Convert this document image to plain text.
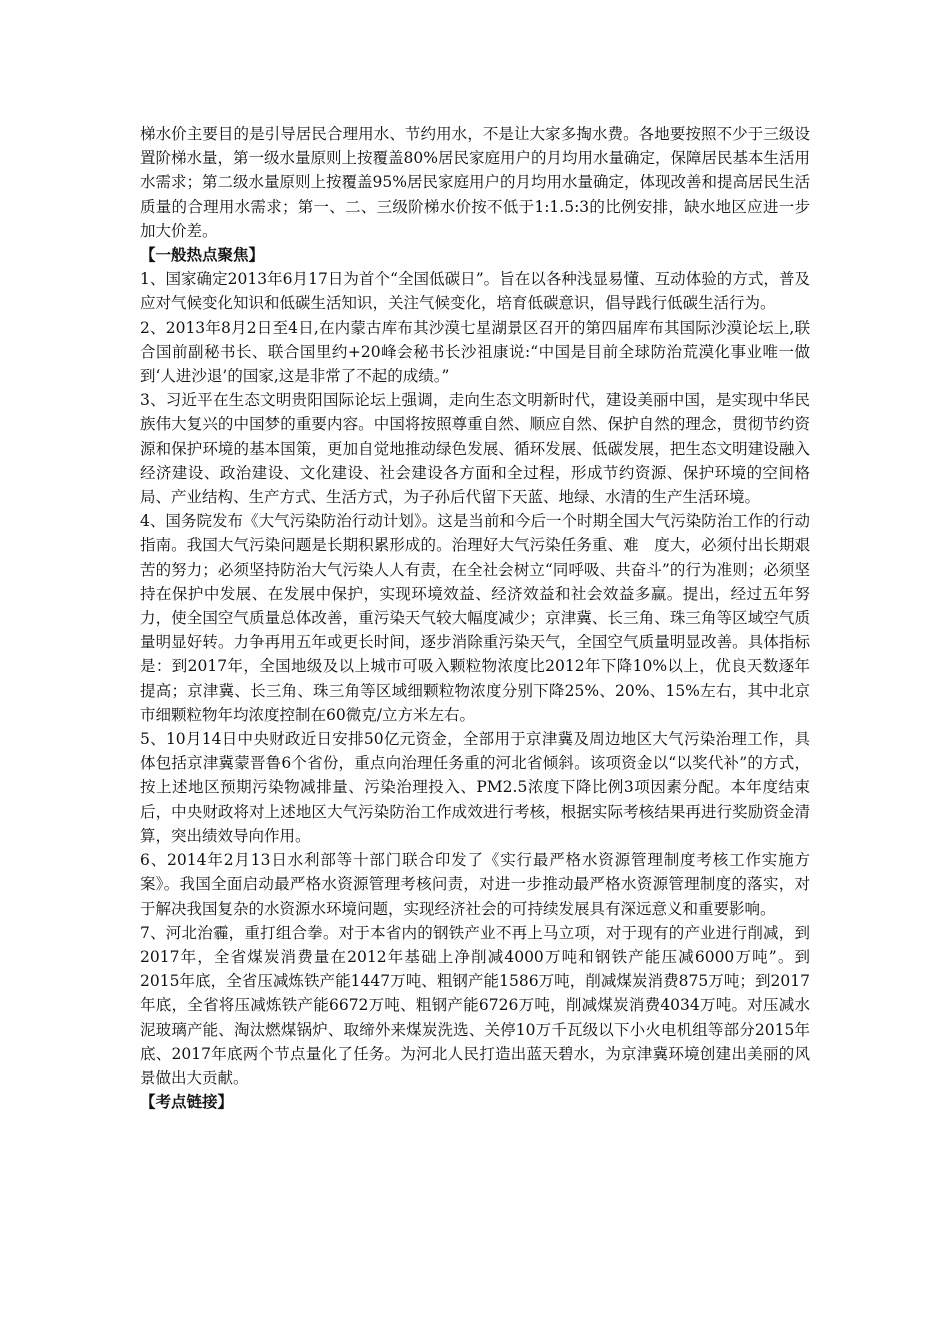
梯水价主要目的是引导居民合理用水、节约用水，不是让大家多掏水费。各地要按照不少于三级设置阶梯水量，第一级水量原则上按覆盖80%居民家庭用户的月均用水量确定，保障居民基本生活用水需求；第二级水量原则上按覆盖95%居民家庭用户的月均用水量确定，体现改善和提高居民生活质量的合理用水需求；第一、二、三级阶梯水价按不低于1:1.5:3的比例安排，缺水地区应进一步加大价差。

【一般热点聚焦】

1、国家确定2013年6月17日为首个“全国低碳日”。旨在以各种浅显易懂、互动体验的方式，普及应对气候变化知识和低碳生活知识，关注气候变化，培育低碳意识，倡导践行低碳生活行为。

2、2013年8月2日至4日,在内蒙古库布其沙漠七星湖景区召开的第四届库布其国际沙漠论坛上,联合国前副秘书长、联合国里约+20峰会秘书长沙祖康说:“中国是目前全球防治荒漠化事业唯一做到‘人进沙退’的国家,这是非常了不起的成绩。”

3、习近平在生态文明贵阳国际论坛上强调，走向生态文明新时代，建设美丽中国，是实现中华民族伟大复兴的中国梦的重要内容。中国将按照尊重自然、顺应自然、保护自然的理念，贯彻节约资源和保护环境的基本国策，更加自觉地推动绿色发展、循环发展、低碳发展，把生态文明建设融入经济建设、政治建设、文化建设、社会建设各方面和全过程，形成节约资源、保护环境的空间格局、产业结构、生产方式、生活方式，为子孙后代留下天蓝、地绿、水清的生产生活环境。

4、国务院发布《大气污染防治行动计划》。这是当前和今后一个时期全国大气污染防治工作的行动指南。我国大气污染问题是长期积累形成的。治理好大气污染任务重、难　度大，必须付出长期艰苦的努力；必须坚持防治大气污染人人有责，在全社会树立“同呼吸、共奋斗”的行为准则；必须坚持在保护中发展、在发展中保护，实现环境效益、经济效益和社会效益多赢。提出，经过五年努力，使全国空气质量总体改善，重污染天气较大幅度减少；京津冀、长三角、珠三角等区域空气质量明显好转。力争再用五年或更长时间，逐步消除重污染天气，全国空气质量明显改善。具体指标是：到2017年，全国地级及以上城市可吸入颗粒物浓度比2012年下降10%以上，优良天数逐年提高；京津冀、长三角、珠三角等区域细颗粒物浓度分别下降25%、20%、15%左右，其中北京市细颗粒物年均浓度控制在60微克/立方米左右。

5、10月14日中央财政近日安排50亿元资金，全部用于京津冀及周边地区大气污染治理工作，具体包括京津冀蒙晋鲁6个省份，重点向治理任务重的河北省倾斜。该项资金以“以奖代补”的方式，按上述地区预期污染物减排量、污染治理投入、PM2.5浓度下降比例3项因素分配。本年度结束后，中央财政将对上述地区大气污染防治工作成效进行考核，根据实际考核结果再进行奖励资金清算，突出绩效导向作用。

6、2014年2月13日水利部等十部门联合印发了《实行最严格水资源管理制度考核工作实施方案》。我国全面启动最严格水资源管理考核问责，对进一步推动最严格水资源管理制度的落实，对于解决我国复杂的水资源水环境问题，实现经济社会的可持续发展具有深远意义和重要影响。

7、河北治霾，重打组合拳。对于本省内的钢铁产业不再上马立项，对于现有的产业进行削减，到2017年，全省煤炭消费量在2012年基础上净削减4000万吨和钢铁产能压减6000万吨”。到2015年底，全省压减炼铁产能1447万吨、粗钢产能1586万吨，削减煤炭消费875万吨；到2017年底，全省将压减炼铁产能6672万吨、粗钢产能6726万吨，削减煤炭消费4034万吨。对压减水泥玻璃产能、淘汰燃煤锅炉、取缔外来煤炭洗选、关停10万千瓦级以下小火电机组等部分2015年底、2017年底两个节点量化了任务。为河北人民打造出蓝天碧水，为京津冀环境创建出美丽的风景做出大贡献。

【考点链接】
